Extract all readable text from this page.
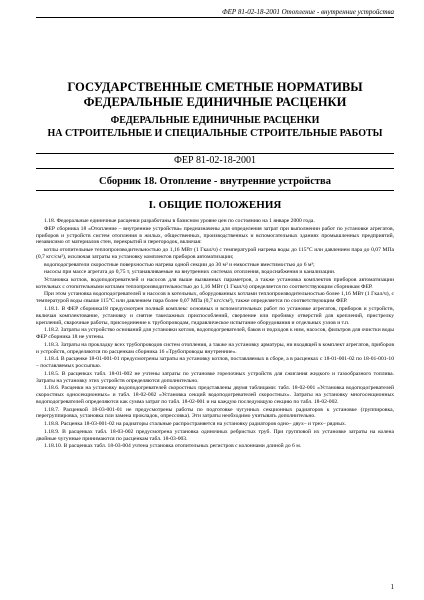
ФЕР 81-02-18-2001 Отопление - внутренние устройства
ГОСУДАРСТВЕННЫЕ СМЕТНЫЕ НОРМАТИВЫ
ФЕДЕРАЛЬНЫЕ ЕДИНИЧНЫЕ РАСЦЕНКИ
ФЕДЕРАЛЬНЫЕ ЕДИНИЧНЫЕ РАСЦЕНКИ
НА СТРОИТЕЛЬНЫЕ И СПЕЦИАЛЬНЫЕ СТРОИТЕЛЬНЫЕ РАБОТЫ
ФЕР 81-02-18-2001
Сборник 18. Отопление - внутренние устройства
I. ОБЩИЕ ПОЛОЖЕНИЯ

1.18. Федеральные единичные расценки разработаны в базисном уровне цен по состоянию на 1 январе 2000 года.

ФЕР сборника 18 «Отопление – внутренние устройства» предназначены для определения затрат при выполнении работ по установке агрегатов, приборов и устройств систем отопления в жилых, общественных, производственных и вспомогательных зданиях промышленных предприятий, независимо от материалов стен, перекрытий и перегородок, включая:

котлы отопительные теплопроизводительностью до 1,16 МВт (1 Гкал/ч) с температурой нагрева воды до 115°С или давлением пара до 0,07 МПа (0,7 кгс/см²), исключая затраты на установку комплектов приборов автоматизации;

водоподогреватели скоростные поверхностью нагрева одной секции до 30 м² и емкостные вместимостью до 6 м³;

насосы при массе агрегата до 0,75 т, устанавливаемые на внутренних системах отопления, водоснабжения и канализации.

Установка котлов, водоподогревателей и насосов для выше вызванных параметров, а также установка комплектов приборов автоматизации котельных с отопительными котлами теплопроизводительностью до 1,16 МВт (1 Гкал/ч) определяется по соответствующим сборникам ФЕР.

При этом установка водоподогревателей и насосов в котельных, оборудованных котлами теплопроизводительностью более 1,16 МВт (1 Гкал/ч), с температурой воды свыше 115°С или давлением пара более 0,07 МПа (0,7 кгс/см²), также определяется по соответствующим ФЕР.

1.18.1. В ФЕР сборника18 предусмотрен полный комплекс основных и вспомогательных работ по установке агрегатов, приборов и устройств, включая комплектование, установку и снятие такелажных приспособлений, сверление или пробивку отверстий для креплений, пристрелку креплений, сварочные работы, присоединение к трубопроводам, гидравлическое испытание оборудования и отдельных узлов и т.п.

1.18.2. Затраты на устройство оснований для установки котлов, водоподогревателей, баков и подходов к ним, насосов, фильтров для очистки воды ФЕР сборника 18 не учтены.

1.18.3. Затраты на прокладку всех трубопроводов систем отопления, а также на установку арматуры, ни входящей в комплект агрегатов, приборов и устройств, определяются по расценкам сборника 16 «Трубопроводы внутренние».

1.18.4. В расценке 18-01-001-01 предусмотрены затраты на установку котлов, поставляемых в сборе, а в расценках с 18-01-001-02 по 18-01-001-10 – поставляемых россыпью.

1.18.5. В расценках табл. 18-01-002 не учтены затраты по установке горелочных устройств для сжигания жидкого и газообразного топлива. Затраты на установку этих устройств определяются дополнительно.

1.18.6. Расценки на установку водоподогревателей скоростных представлены двумя таблицами: табл. 18-02-001 «Установка водоподогревателей скоростных односекционных» и табл. 18-02-002 «Установка секций водоподогревателей скоростных». Затраты на установку многосекционных водоподогревателей определяются как сумма затрат по табл. 18-02-001 и на каждую последующую секцию по табл. 18-02-002.

1.18.7. Расценкой 18-03-001-01 не предусмотрены работы по подготовке чугунных секционных радиаторов к установке (группировка, перегруппировка, установка пли замена прокладок, опрессовка). Эти затраты необходимо учитывать дополнительно.

1.18.8. Расценка 18-03-001-02 на радиаторы стальные распространяется на установку радиаторов одно– двух– и трех– рядных.

1.18.9. В расценках табл. 18-03-002 предусмотрена установка одиночных ребристых труб. При групповой их установке затраты на колена двойные чугунные принимаются по расценкам табл. 18-03-003.

1.18.10. В расценках табл. 18-03-004 учтена установка отопительных регистров с колоннами длиной до 6 м.

1
